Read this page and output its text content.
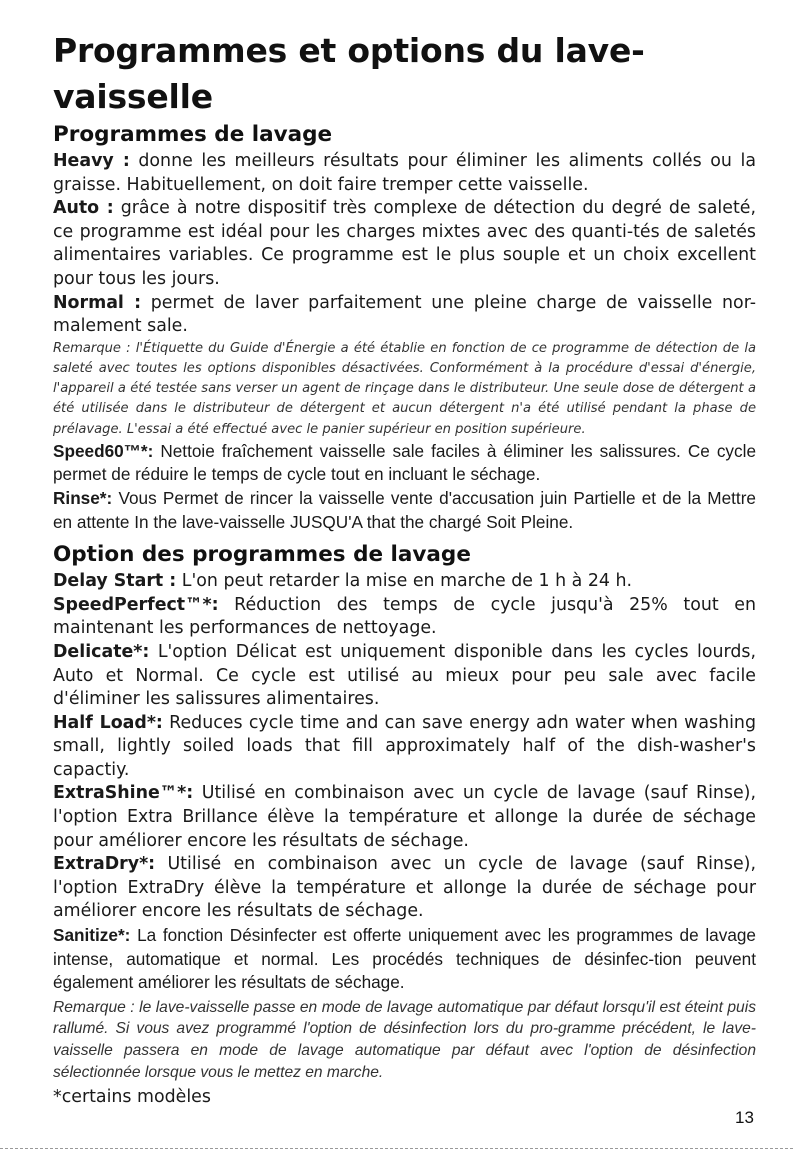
Programmes et options du lave-vaisselle
Programmes de lavage

Heavy : donne les meilleurs résultats pour éliminer les aliments collés ou la graisse. Habituellement, on doit faire tremper cette vaisselle.

Auto : grâce à notre dispositif très complexe de détection du degré de saleté, ce programme est idéal pour les charges mixtes avec des quanti-tés de saletés alimentaires variables. Ce programme est le plus souple et un choix excellent pour tous les jours.

Normal : permet de laver parfaitement une pleine charge de vaisselle nor-malement sale.

Remarque : l'Étiquette du Guide d'Énergie a été établie en fonction de ce programme de détection de la saleté avec toutes les options disponibles désactivées. Conformément à la procédure d'essai d'énergie, l'appareil a été testée sans verser un agent de rinçage dans le distributeur. Une seule dose de détergent a été utilisée dans le distributeur de détergent et aucun détergent n'a été utilisé pendant la phase de prélavage. L'essai a été effectué avec le panier supérieur en position supérieure.

Speed60™*: Nettoie fraîchement vaisselle sale faciles à éliminer les salissures. Ce cycle permet de réduire le temps de cycle tout en incluant le séchage.

Rinse*: Vous Permet de rincer la vaisselle vente d'accusation juin Partielle et de la Mettre en attente In the lave-vaisselle JUSQU'A that the chargé Soit Pleine.

Option des programmes de lavage

Delay Start : L'on peut retarder la mise en marche de 1 h à 24 h.

SpeedPerfect™*: Réduction des temps de cycle jusqu'à 25% tout en maintenant les performances de nettoyage.

Delicate*: L'option Délicat est uniquement disponible dans les cycles lourds, Auto et Normal. Ce cycle est utilisé au mieux pour peu sale avec facile d'éliminer les salissures alimentaires.

Half Load*: Reduces cycle time and can save energy adn water when washing small, lightly soiled loads that fill approximately half of the dish-washer's capactiy.

ExtraShine™*: Utilisé en combinaison avec un cycle de lavage (sauf Rinse), l'option Extra Brillance élève la température et allonge la durée de séchage pour améliorer encore les résultats de séchage.

ExtraDry*: Utilisé en combinaison avec un cycle de lavage (sauf Rinse), l'option ExtraDry élève la température et allonge la durée de séchage pour améliorer encore les résultats de séchage.

Sanitize*: La fonction Désinfecter est offerte uniquement avec les programmes de lavage intense, automatique et normal. Les procédés techniques de désinfec-tion peuvent également améliorer les résultats de séchage.

Remarque : le lave-vaisselle passe en mode de lavage automatique par défaut lorsqu'il est éteint puis rallumé. Si vous avez programmé l'option de désinfection lors du pro-gramme précédent, le lave-vaisselle passera en mode de lavage automatique par défaut avec l'option de désinfection sélectionnée lorsque vous le mettez en marche.

*certains modèles
13
